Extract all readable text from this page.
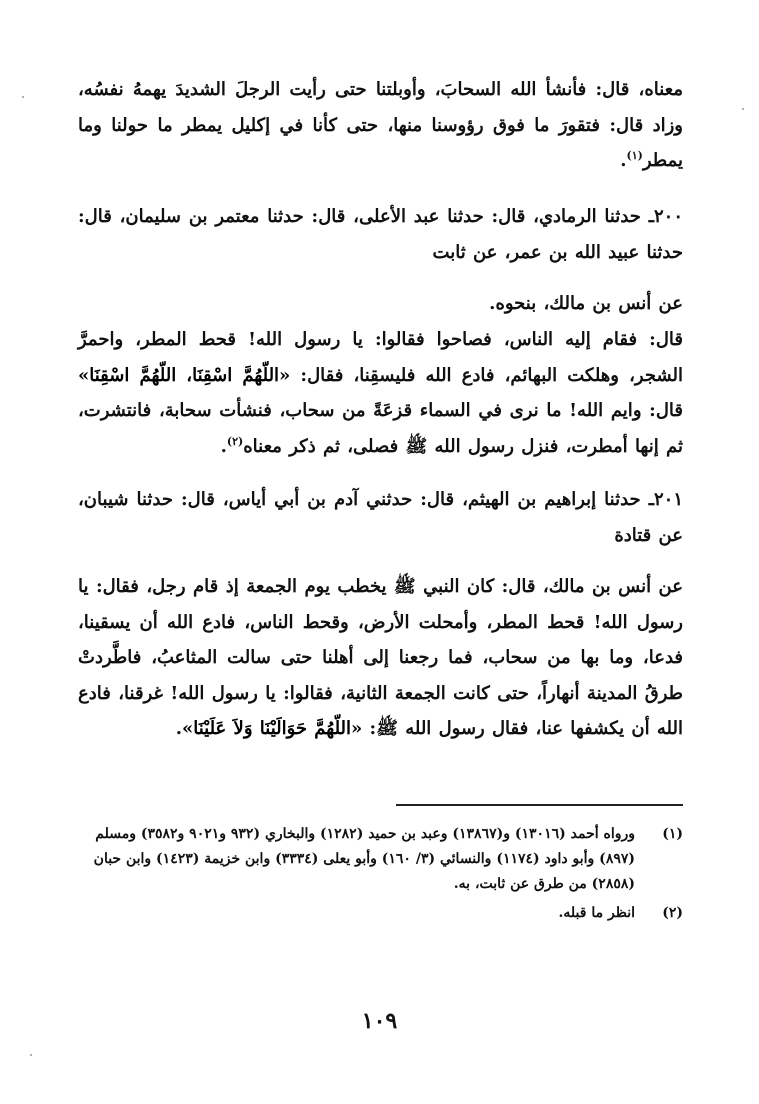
معناه، قال: فأنشأ الله السحابَ، وأوبلتنا حتى رأيت الرجلَ الشديدَ يهمهُ نفسُه، وزاد قال: فتقورَ ما فوق رؤوسنا منها، حتى كأنا في إكليل يمطر ما حولنا وما يمطر$^{(١)}$.

٢٠٠ـ حدثنا الرمادي، قال: حدثنا عبد الأعلى، قال: حدثنا معتمر بن سليمان، قال: حدثنا عبيد الله بن عمر، عن ثابت

عن أنس بن مالك، بنحوه.

قال: فقام إليه الناس، فصاحوا فقالوا: يا رسول الله! قحط المطر، واحمرَّ الشجر، وهلكت البهائم، فادع الله فليسقِنا، فقال: «اللّهُمَّ اسْقِنَا، اللّهُمَّ اسْقِنَا» قال: وايم الله! ما نرى في السماء قزعَةً من سحاب، فنشأت سحابة، فانتشرت، ثم إنها أمطرت، فنزل رسول الله ﷺ فصلى، ثم ذكر معناه$^{(٢)}$.

٢٠١ـ حدثنا إبراهيم بن الهيثم، قال: حدثني آدم بن أبي أياس، قال: حدثنا شيبان، عن قتادة

عن أنس بن مالك، قال: كان النبي ﷺ يخطب يوم الجمعة إذ قام رجل، فقال: يا رسول الله! قحط المطر، وأمحلت الأرض، وقحط الناس، فادع الله أن يسقينا، فدعا، وما بها من سحاب، فما رجعنا إلى أهلنا حتى سالت المثاعبُ، فاطَّردتْ طرقُ المدينة أنهاراً، حتى كانت الجمعة الثانية، فقالوا: يا رسول الله! غرقنا، فادع الله أن يكشفها عنا، فقال رسول الله ﷺ: «اللّهُمَّ حَوَالَيْنَا وَلاَ عَلَيْنَا».

(١)
ورواه أحمد (١٣٠١٦) و(١٣٨٦٧) وعبد بن حميد (١٢٨٢) والبخاري (٩٣٢ و٩٠٢١ و٣٥٨٢) ومسلم (٨٩٧) وأبو داود (١١٧٤) والنسائي (٣/ ١٦٠) وأبو يعلى (٣٣٣٤) وابن خزيمة (١٤٢٣) وابن حبان (٢٨٥٨) من طرق عن ثابت، به.
(٢)
انظر ما قبله.
١٠٩
